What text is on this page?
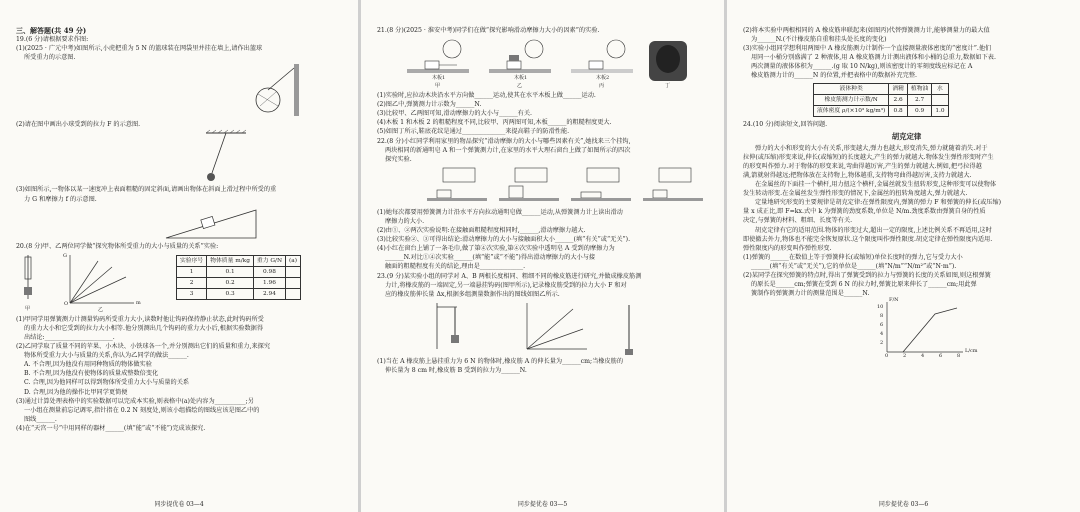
三、解答题(共 49 分)
19.(6 分)请根据要求作图:
(1)(2025 · 广元中考)如图所示,小虎把重为 5 N 的篮球装在网袋里并挂在墙上,请作出篮球
所受重力的示意图.
(2)请在图中画出小球受到的拉力 F 的示意图.
(3)如图所示,一物体以某一速度冲上表面粗糙的固定斜面,请画出物体在斜面上滑过程中所受的重
力 G 和摩擦力 f 的示意图.
20.(8 分)甲、乙两位同学做“探究物体所受重力的大小与质量的关系”实验:
甲	乙
O
G
m
实验序号	物体质量 m/kg	重力 G/N	(a)
1	0.1	0.98	
2	0.2	1.96	
3	0.3	2.94	
(1)甲同学用弹簧测力计测量钩码所受重力大小,读数时他让钩码保持静止状态,此时钩码所受
的重力大小和它受到的拉力大小相等.他分别测出几个钩码的重力大小后,根据实验数据得
出结论:______________________.
(2)乙同学取了质量不同的苹果、小木块、小铁球各一个,并分别测出它们的质量和重力,来探究
物体所受重力大小与质量的关系,你认为乙同学的做法______.
A. 不合理,因为他没有用同种物质的物体做实验
B. 不合理,因为他没有使物体的质量成整数倍变化
C. 合理,因为他同样可以得到物体所受重力大小与质量的关系
D. 合理,因为他的操作比甲同学更简便
(3)通过计算处理表格中的实验数据可以完成本实验,则表格中(a)处内容为__________;另
一小组在测量前忘记调零,指针指在 0.2 N 刻度处,则该小组描绘的图线应该是图乙中的
图线______.
(4)在“天宫一号”中用同样的器材______(填“能”或“不能”)完成该探究.
同步提优卷 03—4
21.(8 分)(2025 · 淮安中考)同学们在做“探究影响滑动摩擦力大小的因素”的实验.
木板1	木板1	木板2
甲	乙	丙	丁
(1)实验时,应拉动木块沿水平方向做______运动,使其在水平木板上做______运动.
(2)图乙中,弹簧测力计示数为______N.
(3)比较甲、乙两图可知,滑动摩擦力的大小与______有关.
(4)木板 1 和木板 2 的粗糙程度不同,比较甲、丙两图可知,木板______的粗糙程度更大.
(5)如图丁所示,鞋底花纹是通过______________来提高鞋子的防滑性能.
22.(8 分)小红同学利用家里的物品探究“滑动摩擦力的大小与哪些因素有关”,她找来三个挂钩,
两块相同的新通明皂 A 和一个弹簧测力计,在家里的水平大理石窗台上做了如图所示的四次
探究实验.
(1)她每次都要用弹簧测力计沿水平方向拉动通明皂做______运动,从弹簧测力计上读出滑动
摩擦力的大小.
(2)由①、②两次实验说明:在接触面粗糙程度相同时,______,滑动摩擦力越大.
(3)比较实验②、③可得出结论:滑动摩擦力的大小与接触面积大小______(填“有关”或“无关”).
(4)小红在窗台上铺了一条毛巾,做了第④次实验,第④次实验中透明皂 A 受到的摩擦力为
______N.对比①④次实验______(填“能”或“不能”)得出滑动摩擦力的大小与接
触面的粗糙程度有关的结论,理由是______________.
23.(9 分)某实验小组的同学对 A、B 两根长度相同、粗细不同的橡皮筋进行研究,并做成橡皮筋测
力计,将橡皮筋的一端固定,另一端悬挂钩码(图甲所示),记录橡皮筋受到的拉力大小 F 和对
应的橡皮筋伸长量 Δx,根据多组测量数据作出的图线如图乙所示.
(1)当在 A 橡皮筋上悬挂重力为 6 N 的物体时,橡皮筋 A 的伸长量为______cm;当橡皮筋的
伸长量为 8 cm 时,橡皮筋 B 受到的拉力为______N.
同步提优卷 03—5
(2)将本实验中两根相同的 A 橡皮筋串联起来(如图丙)代替弹簧测力计,能够测量力的最大值
为______N.(不计橡皮筋自重和挂头处长度的变化)
(3)实验小组同学想利用两图中 A 橡皮筋测力计制作一个直接测量液体密度的“密度计”.他们
用同一小桶分别盛满了 2 种液体,用 A 橡皮筋测力计测出液体和小桶的总重力,数据如下表.
两次测量的液体体积为______.(g 取 10 N/kg),则该密度计的零刻度线应标记在 A
橡皮筋测力计的______N 的位置,并把表格中的数据补充完整.
液体种类	酒精	植物油	水
橡皮筋测力计示数/N	2.6	2.7	
液体密度 ρ/(×10³ kg/m³)	0.8	0.9	1.0
24.(10 分)阅读短文,回答问题.
胡克定律
弹力的大小和形变的大小有关系,形变越大,弹力也越大,形变消失,弹力就随着消失.对于
拉伸(或压缩)形变来说,伸长(或缩短)的长度越大,产生的弹力就越大.物体发生弹性形变时产生
的形变叫作弹力.对于物体的形变来说,弯曲得越厉害,产生的弹力就越大.例如,把弓拉得越
满,箭就射得越远;把物体放在支持物上,物体越重,支持物弯曲得越厉害,支持力就越大.
在金属丝的下面挂一个横杆,用力扭这个横杆,金属丝就发生扭转形变,这种形变可以使物体
发生转动形变.在金属丝发生弹性形变的情况下,金属丝的扭转角度越大,弹力就越大.
定量地研究形变的主要规律是胡克定律:在弹性限度内,弹簧的弹力 F 和弹簧的伸长(或压缩)
量 x 成正比,即 F=kx.式中 k 为弹簧的劲度系数,单位是 N/m.劲度系数由弹簧自身的性质
决定,与弹簧的材料、粗细、长度等有关.
胡克定律有它的适用范围.物体的形变过大,超出一定的限度,上述比例关系不再适用,这时
即使撤去外力,物体也不能完全恢复原状.这个限度叫作弹性限度.胡克定律在弹性限度内适用.
弹性限度内的形变叫作弹性形变.
(1)弹簧的______在数值上等于弹簧伸长(或缩短)单位长度时的弹力,它与受力大小
______(填“有关”或“无关”),它的单位是______(填“N/m”“N/m²”或“N·m”).
(2)某同学在探究弹簧的特点时,得出了弹簧受到的拉力与弹簧的长度的关系如图,则这根弹簧
的原长是______cm;弹簧在受到 6 N 的拉力时,弹簧比原来伸长了______cm;用此弹
簧制作的弹簧测力计的测量范围是______N.
F/N
L/cm
10
8
6
4
2
0	2	4	6	8
同步提优卷 03—6
